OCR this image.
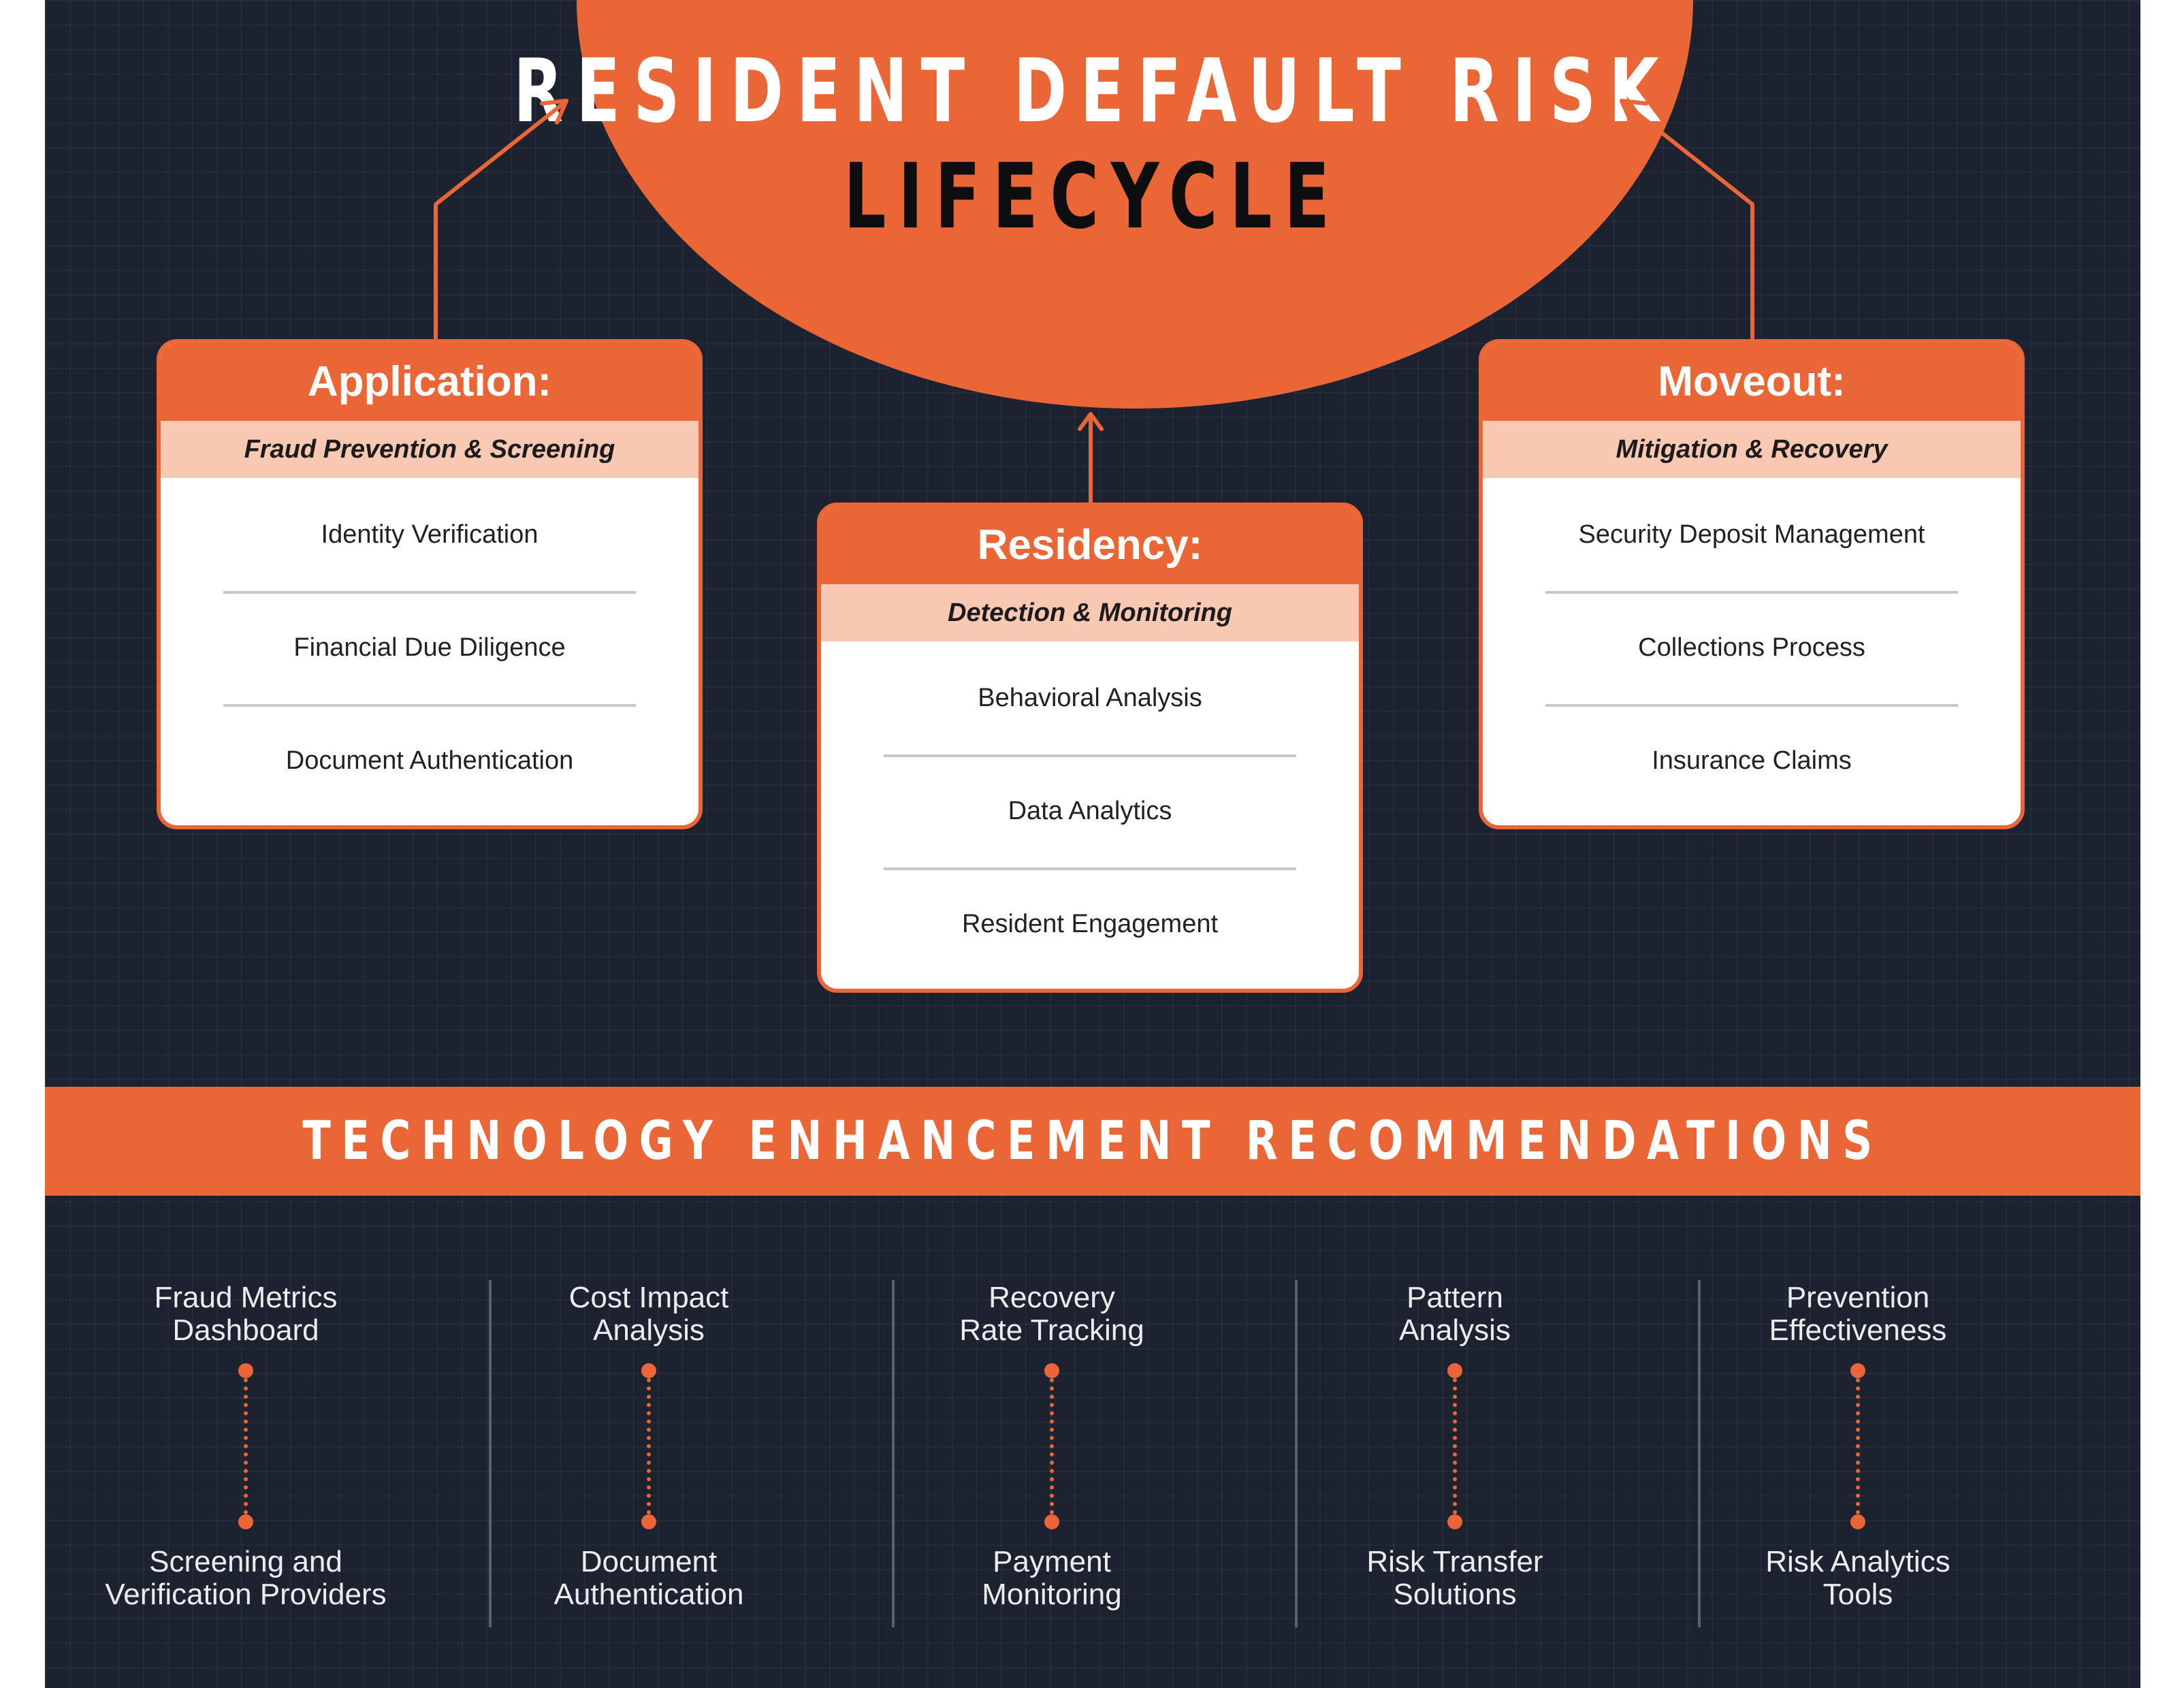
RESIDENT DEFAULT RISK
LIFECYCLE
Application:
Fraud Prevention & Screening
Identity Verification
Financial Due Diligence
Document Authentication
Residency:
Detection & Monitoring
Behavioral Analysis
Data Analytics
Resident Engagement
Moveout:
Mitigation & Recovery
Security Deposit Management
Collections Process
Insurance Claims
TECHNOLOGY ENHANCEMENT RECOMMENDATIONS
Fraud Metrics
Dashboard
Screening and
Verification Providers
Cost Impact
Analysis
Document
Authentication
Recovery
Rate Tracking
Payment
Monitoring
Pattern
Analysis
Risk Transfer
Solutions
Prevention
Effectiveness
Risk Analytics
Tools
